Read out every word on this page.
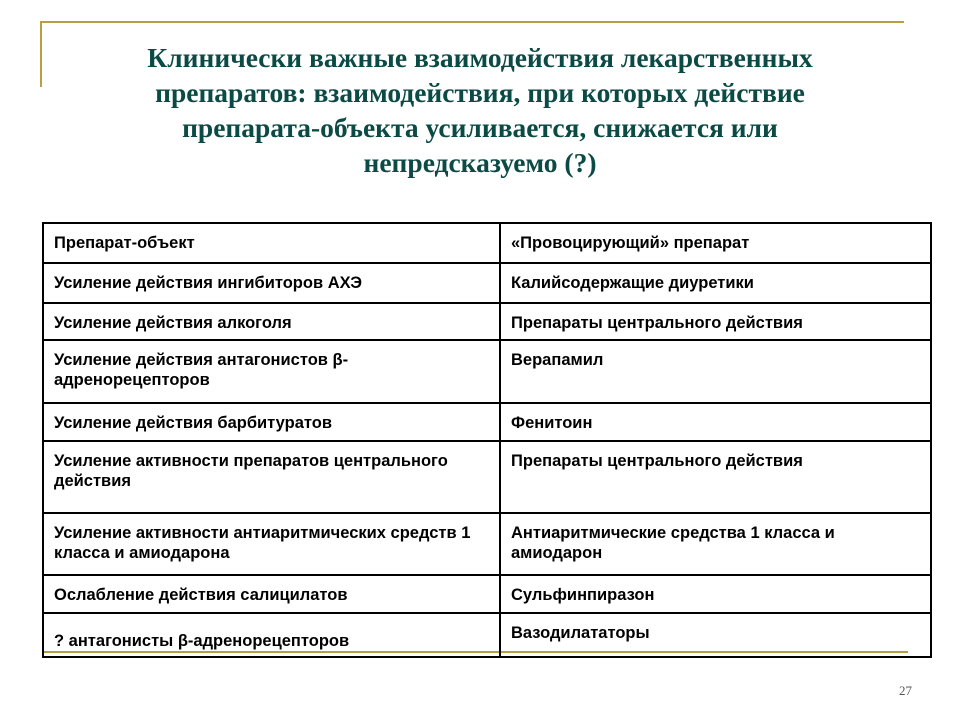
Клинически важные взаимодействия лекарственных
препаратов: взаимодействия, при которых действие
препарата-объекта усиливается, снижается или
непредсказуемо (?)
Препарат-объект	«Провоцирующий» препарат
Усиление действия ингибиторов АХЭ	Калийсодержащие диуретики
Усиление действия алкоголя	Препараты центрального действия
Усиление действия антагонистов β-адренорецепторов	Верапамил
Усиление действия барбитуратов	Фенитоин
Усиление активности препаратов центрального действия	Препараты центрального действия
Усиление активности антиаритмических средств 1 класса и амиодарона	Антиаритмические средства 1 класса и амиодарон
Ослабление действия салицилатов	Сульфинпиразон
? антагонисты β-адренорецепторов	Вазодилататоры
27
